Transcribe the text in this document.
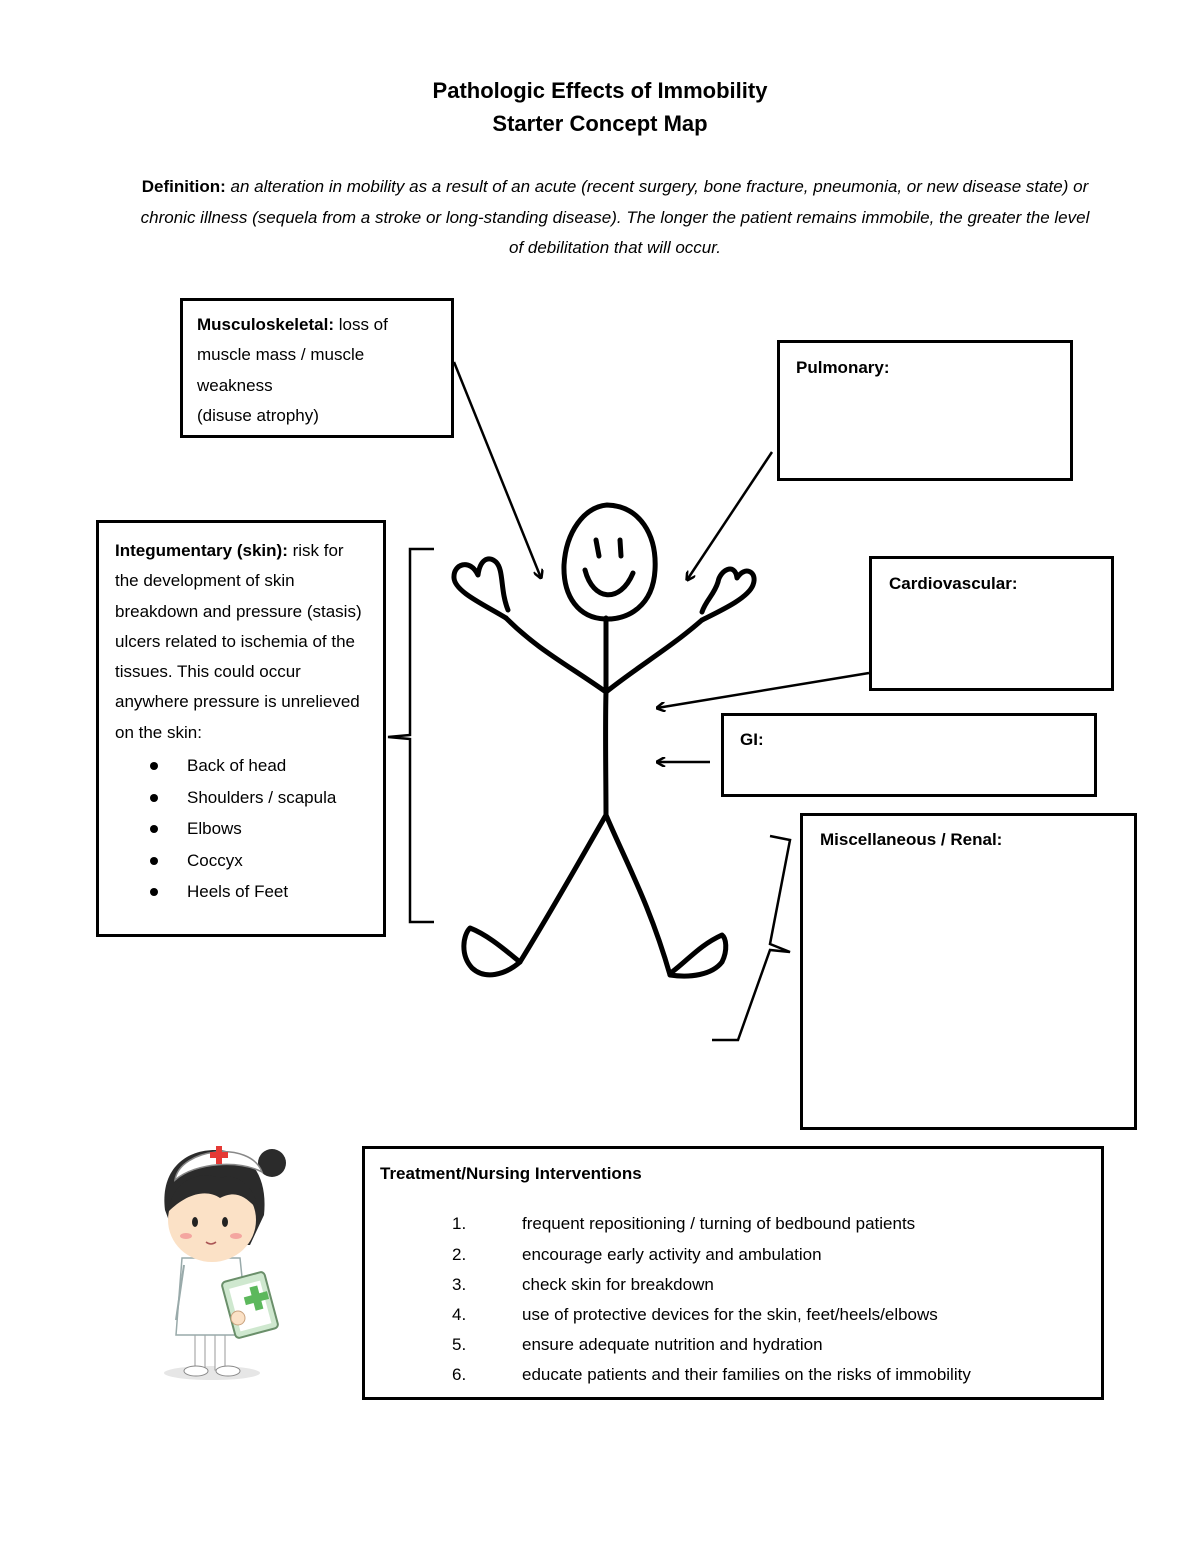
Pathologic Effects of Immobility
Starter Concept Map
Definition: an alteration in mobility as a result of an acute (recent surgery, bone fracture, pneumonia, or new disease state) or chronic illness (sequela from a stroke or long-standing disease). The longer the patient remains immobile, the greater the level of debilitation that will occur.
Musculoskeletal: loss of muscle mass / muscle weakness
(disuse atrophy)
Integumentary (skin): risk for the development of skin breakdown and pressure (stasis) ulcers related to ischemia of the tissues. This could occur anywhere pressure is unrelieved on the skin:
Back of head
Shoulders / scapula
Elbows
Coccyx
Heels of Feet
Pulmonary:
Cardiovascular:
GI:
Miscellaneous / Renal:
Treatment/Nursing Interventions
1.	frequent repositioning / turning of bedbound patients
2.	encourage early activity and ambulation
3.	check skin for breakdown
4.	use of protective devices for the skin, feet/heels/elbows
5.	ensure adequate nutrition and hydration
6.	educate patients and their families on the risks of immobility
